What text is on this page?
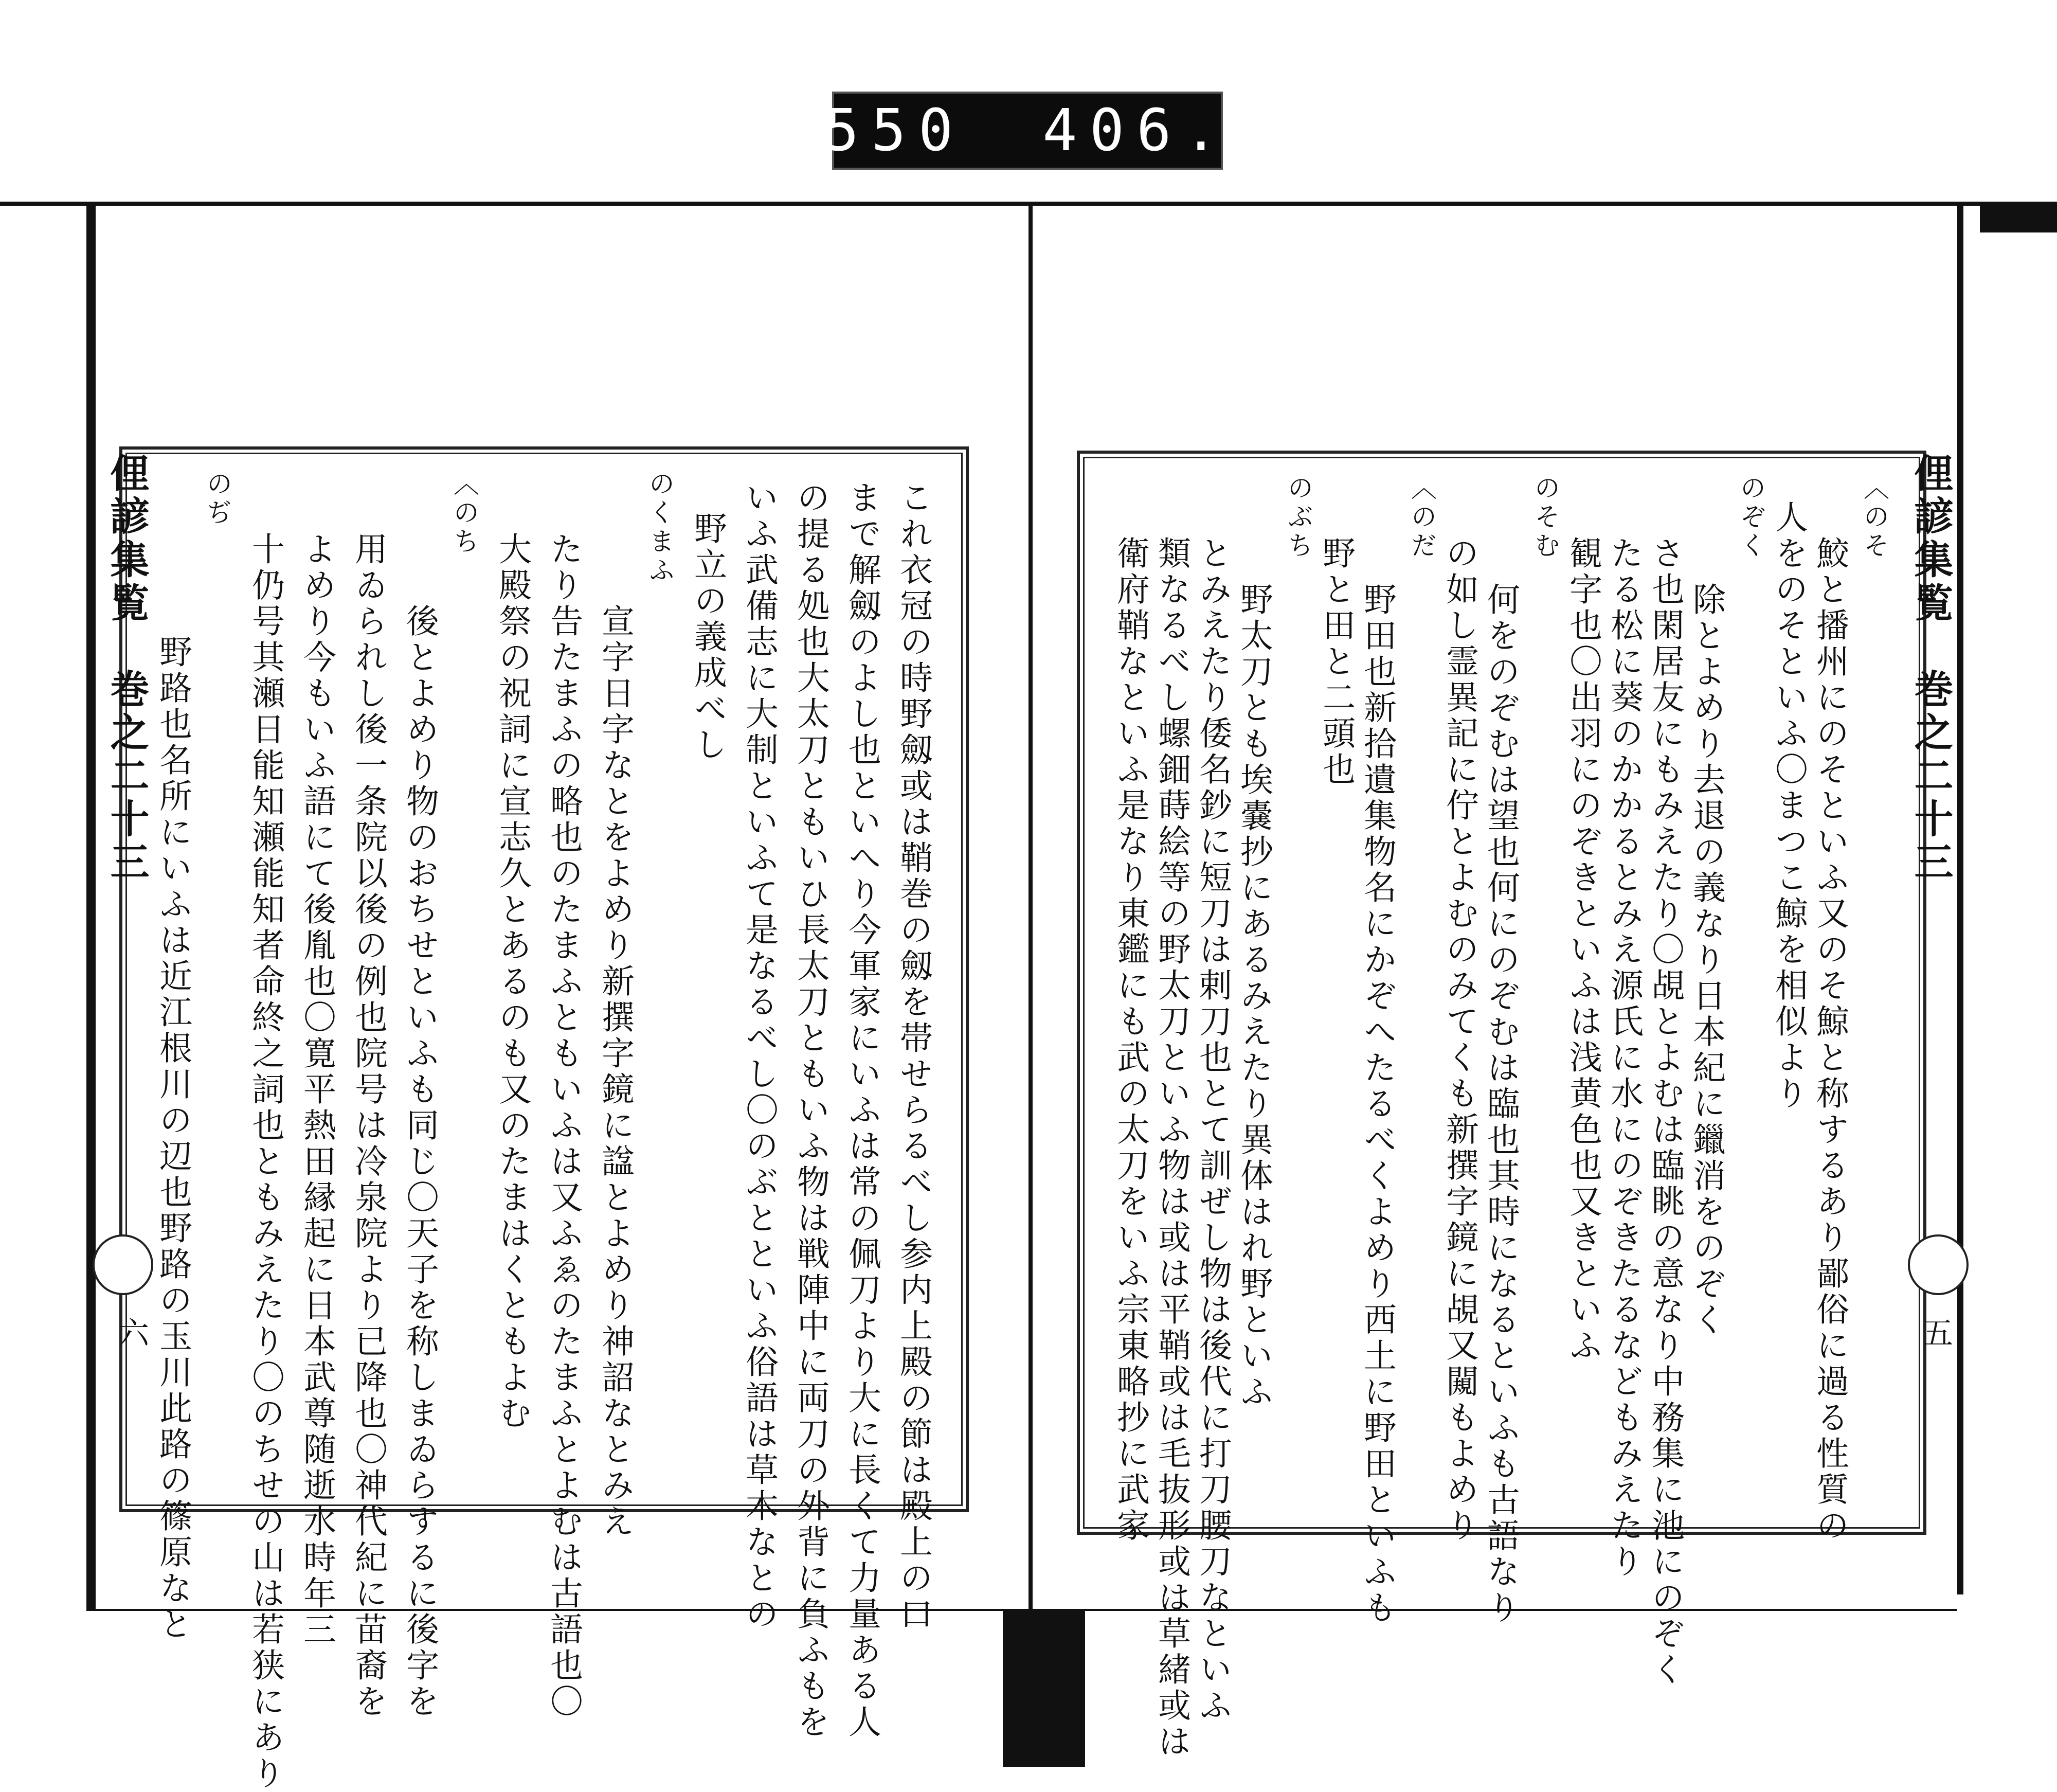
550 406.
これ衣冠の時野劔或は鞘巻の劔を帯せらるべし参内上殿の節は殿上の口
まで解劔のよし也といへり今軍家にいふは常の佩刀より大に長くて力量ある人
の提る処也大太刀ともいひ長太刀ともいふ物は戦陣中に両刀の外背に負ふもを
いふ武備志に大制といふて是なるべし〇のぶとといふ俗語は草木なとの
野立の義成べし
のくまふ
宣字日字なとをよめり新撰字鏡に諡とよめり神詔なとみえ
たり告たまふの略也のたまふともいふは又ふゑのたまふとよむは古語也〇
大殿祭の祝詞に宣志久とあるのも又のたまはくともよむ
〈のち
後とよめり物のおちせといふも同じ〇天子を称しまゐらするに後字を
用ゐられし後一条院以後の例也院号は冷泉院より已降也〇神代紀に苗裔を
よめり今もいふ語にて後胤也〇寛平熱田縁起に日本武尊随逝水時年三
十仍号其瀬日能知瀬能知者命終之詞也ともみえたり〇のちせの山は若狭にあり
のぢ
野路也名所にいふは近江根川の辺也野路の玉川此路の篠原なと
俚諺集覧　巻之二十三
六
〈のそ
鮫と播州にのそといふ又のそ鯨と称するあり鄙俗に過る性質の
人をのそといふ〇まつこ鯨を相似より
のぞく
除とよめり去退の義なり日本紀に鑞消をのぞく
さ也閑居友にもみえたり〇覘とよむは臨眺の意なり中務集に池にのぞく
たる松に葵のかかるとみえ源氏に水にのぞきたるなどもみえたり
観字也〇出羽にのぞきといふは浅黄色也又きといふ
のそむ
何をのぞむは望也何にのぞむは臨也其時になるといふも古語なり
の如し霊異記に佇とよむのみてくも新撰字鏡に覘又闚もよめり
〈のだ
野田也新拾遺集物名にかぞへたるべくよめり西土に野田といふも
野と田と二頭也
のぶち
野太刀とも埃嚢抄にあるみえたり異体はれ野といふ
とみえたり倭名鈔に短刀は剌刀也とて訓ぜし物は後代に打刀腰刀なといふ
類なるべし螺鈿蒔絵等の野太刀といふ物は或は平鞘或は毛抜形或は草緒或は
衛府鞘なといふ是なり東鑑にも武の太刀をいふ宗東略抄に武家	俚諺集覧　巻之二十三
五
